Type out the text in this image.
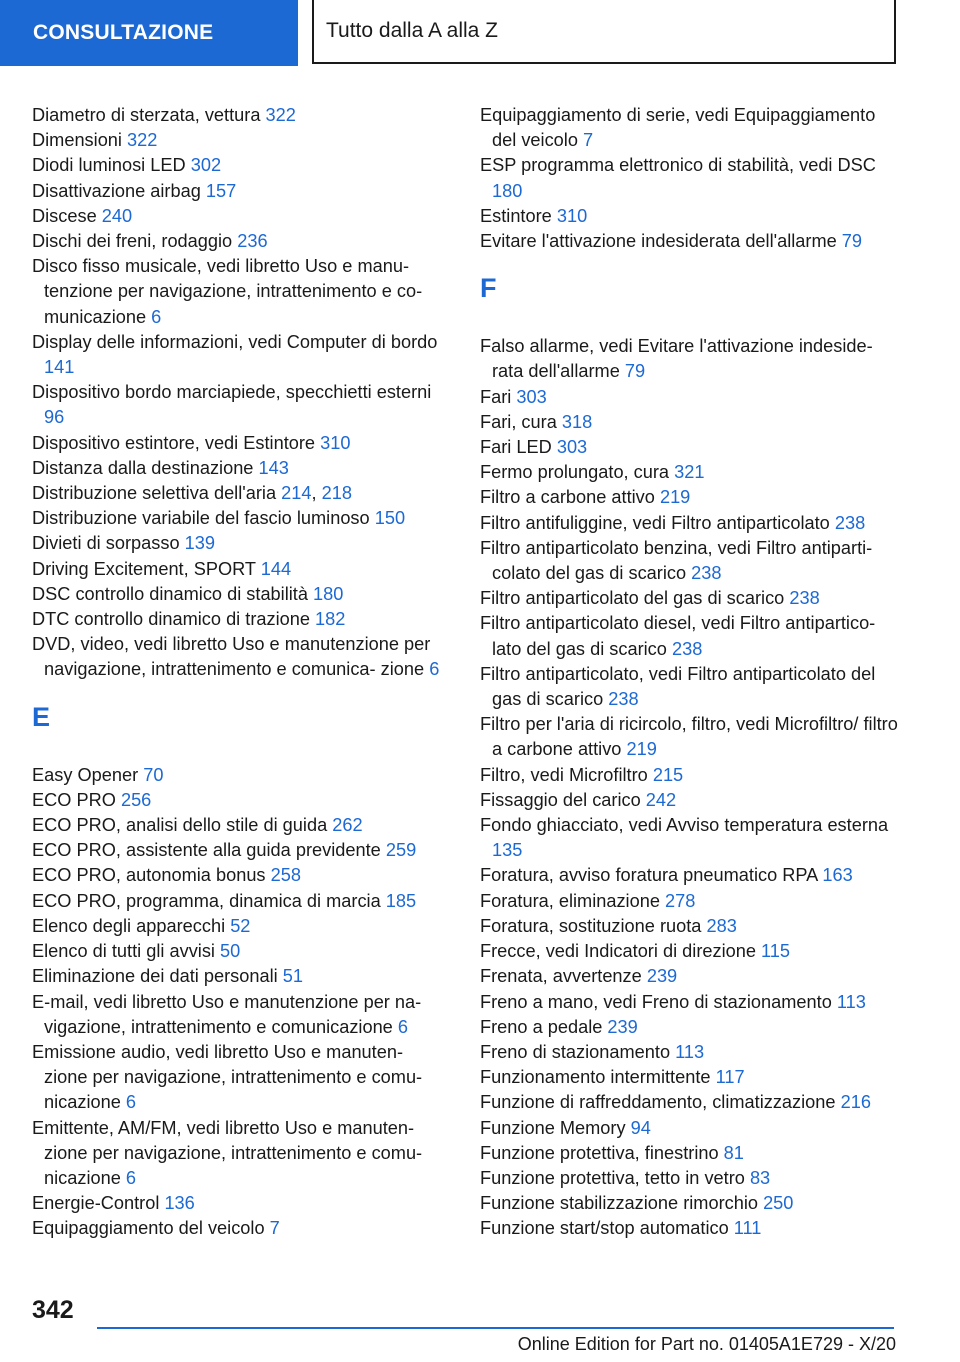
CONSULTAZIONE	Tutto dalla A alla Z
Diametro di sterzata, vettura 322
Dimensioni 322
Diodi luminosi LED 302
Disattivazione airbag 157
Discese 240
Dischi dei freni, rodaggio 236
Disco fisso musicale, vedi libretto Uso e manu‐ tenzione per navigazione, intrattenimento e co‐ municazione 6
Display delle informazioni, vedi Computer di bordo 141
Dispositivo bordo marciapiede, specchietti esterni 96
Dispositivo estintore, vedi Estintore 310
Distanza dalla destinazione 143
Distribuzione selettiva dell'aria 214, 218
Distribuzione variabile del fascio luminoso 150
Divieti di sorpasso 139
Driving Excitement, SPORT 144
DSC controllo dinamico di stabilità 180
DTC controllo dinamico di trazione 182
DVD, video, vedi libretto Uso e manutenzione per navigazione, intrattenimento e comunica‐ zione 6
E
Easy Opener 70
ECO PRO 256
ECO PRO, analisi dello stile di guida 262
ECO PRO, assistente alla guida previdente 259
ECO PRO, autonomia bonus 258
ECO PRO, programma, dinamica di marcia 185
Elenco degli apparecchi 52
Elenco di tutti gli avvisi 50
Eliminazione dei dati personali 51
E-mail, vedi libretto Uso e manutenzione per na‐ vigazione, intrattenimento e comunicazione 6
Emissione audio, vedi libretto Uso e manuten‐ zione per navigazione, intrattenimento e comu‐ nicazione 6
Emittente, AM/FM, vedi libretto Uso e manuten‐ zione per navigazione, intrattenimento e comu‐ nicazione 6
Energie-Control 136
Equipaggiamento del veicolo 7
Equipaggiamento di serie, vedi Equipaggiamento del veicolo 7
ESP programma elettronico di stabilità, vedi DSC 180
Estintore 310
Evitare l'attivazione indesiderata dell'allarme 79
F
Falso allarme, vedi Evitare l'attivazione indeside‐ rata dell'allarme 79
Fari 303
Fari, cura 318
Fari LED 303
Fermo prolungato, cura 321
Filtro a carbone attivo 219
Filtro antifuliggine, vedi Filtro antiparticolato 238
Filtro antiparticolato benzina, vedi Filtro antiparti‐ colato del gas di scarico 238
Filtro antiparticolato del gas di scarico 238
Filtro antiparticolato diesel, vedi Filtro antipartico‐ lato del gas di scarico 238
Filtro antiparticolato, vedi Filtro antiparticolato del gas di scarico 238
Filtro per l'aria di ricircolo, filtro, vedi Microfiltro/ filtro a carbone attivo 219
Filtro, vedi Microfiltro 215
Fissaggio del carico 242
Fondo ghiacciato, vedi Avviso temperatura esterna 135
Foratura, avviso foratura pneumatico RPA 163
Foratura, eliminazione 278
Foratura, sostituzione ruota 283
Frecce, vedi Indicatori di direzione 115
Frenata, avvertenze 239
Freno a mano, vedi Freno di stazionamento 113
Freno a pedale 239
Freno di stazionamento 113
Funzionamento intermittente 117
Funzione di raffreddamento, climatizzazione 216
Funzione Memory 94
Funzione protettiva, finestrino 81
Funzione protettiva, tetto in vetro 83
Funzione stabilizzazione rimorchio 250
Funzione start/stop automatico 111
342
Online Edition for Part no. 01405A1E729 - X/20
